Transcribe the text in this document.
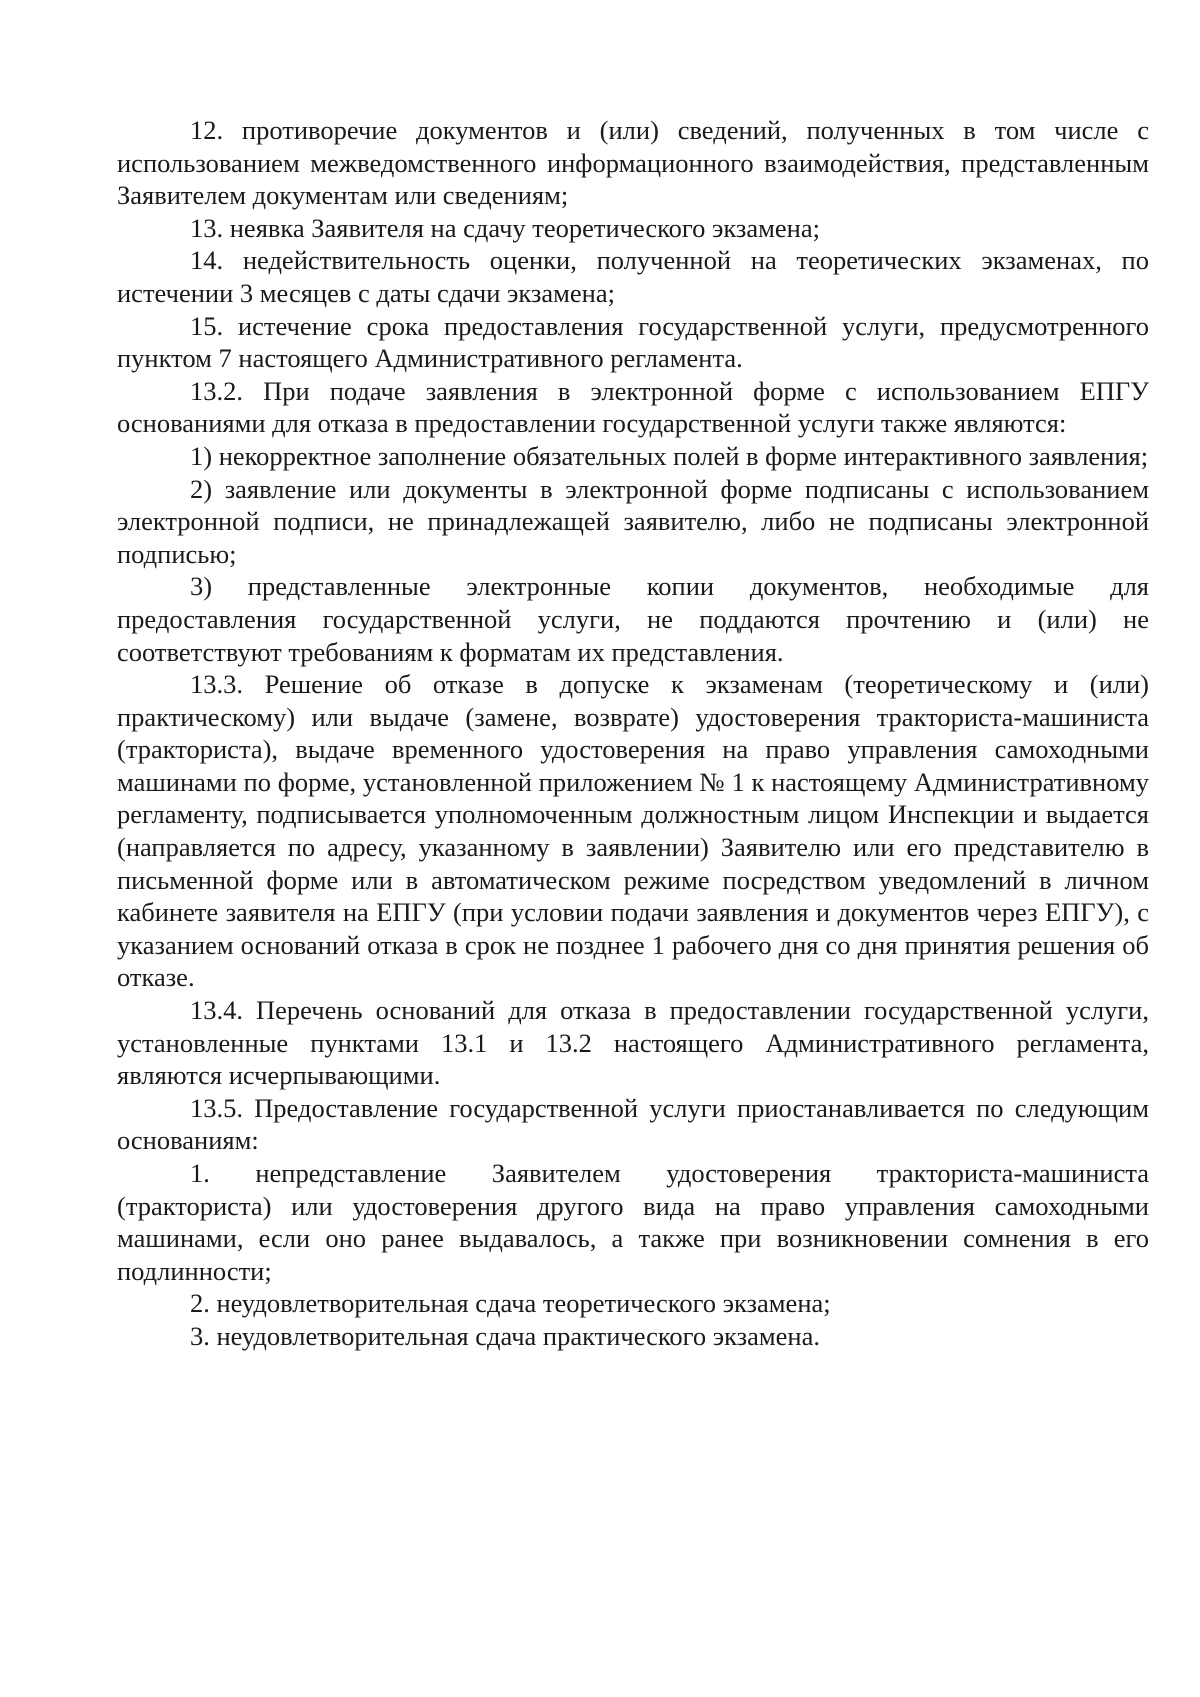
12. противоречие документов и (или) сведений, полученных в том числе с использованием межведомственного информационного взаимодействия, представленным Заявителем документам или сведениям;

13. неявка Заявителя на сдачу теоретического экзамена;

14. недействительность оценки, полученной на теоретических экзаменах, по истечении 3 месяцев с даты сдачи экзамена;

15. истечение срока предоставления государственной услуги, предусмотренного пунктом 7 настоящего Административного регламента.

13.2. При подаче заявления в электронной форме с использованием ЕПГУ основаниями для отказа в предоставлении государственной услуги также являются:

1) некорректное заполнение обязательных полей в форме интерактивного заявления;

2) заявление или документы в электронной форме подписаны с использованием электронной подписи, не принадлежащей заявителю, либо не подписаны электронной подписью;

3) представленные электронные копии документов, необходимые для предоставления государственной услуги, не поддаются прочтению и (или) не соответствуют требованиям к форматам их представления.

13.3. Решение об отказе в допуске к экзаменам (теоретическому и (или) практическому) или выдаче (замене, возврате) удостоверения тракториста-машиниста (тракториста), выдаче временного удостоверения на право управления самоходными машинами по форме, установленной приложением № 1 к настоящему Административному регламенту, подписывается уполномоченным должностным лицом Инспекции и выдается (направляется по адресу, указанному в заявлении) Заявителю или его представителю в письменной форме или в автоматическом режиме посредством уведомлений в личном кабинете заявителя на ЕПГУ (при условии подачи заявления и документов через ЕПГУ), с указанием оснований отказа в срок не позднее 1 рабочего дня со дня принятия решения об отказе.

13.4. Перечень оснований для отказа в предоставлении государственной услуги, установленные пунктами 13.1 и 13.2 настоящего Административного регламента, являются исчерпывающими.

13.5. Предоставление государственной услуги приостанавливается по следующим основаниям:

1. непредставление Заявителем удостоверения тракториста-машиниста (тракториста) или удостоверения другого вида на право управления самоходными машинами, если оно ранее выдавалось, а также при возникновении сомнения в его подлинности;

2. неудовлетворительная сдача теоретического экзамена;

3. неудовлетворительная сдача практического экзамена.
